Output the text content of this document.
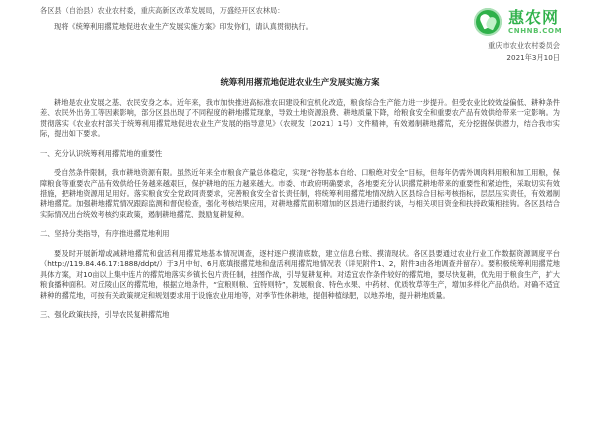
惠农网
CNHNB.COM

各区县（自治县）农业农村委，重庆高新区改革发展局，万盛经开区农林局：

现将《统筹利用撂荒地促进农业生产发展实施方案》印发你们，请认真贯彻执行。

重庆市农业农村委员会

2021年3月10日

统筹利用撂荒地促进农业生产发展实施方案

耕地是农业发展之基、农民安身之本。近年来，我市加快推进高标准农田建设和宜机化改造，粮食综合生产能力进一步提升。但受农业比较效益偏低、耕种条件差、农民外出务工等因素影响，部分区县出现了不同程度的耕地撂荒现象，导致土地资源浪费、耕地质量下降，给粮食安全和重要农产品有效供给带来一定影响。为贯彻落实《农业农村部关于统筹利用撂荒地促进农业生产发展的指导意见》（农规发〔2021〕1号）文件精神，有效遏制耕地撂荒，充分挖掘保供潜力，结合我市实际，提出如下要求。

一、充分认识统筹利用撂荒地的重要性

受自然条件限制，我市耕地资源有限。虽然近年来全市粮食产量总体稳定，实现“谷物基本自给、口粮绝对安全”目标，但每年仍需外调肉料用粮和加工用粮，保障粮食等重要农产品有效供给任务越来越艰巨，保护耕地的压力越来越大。市委、市政府明确要求，各地要充分认识撂荒耕地带来的重要性和紧迫性，采取切实有效措施，把耕地资源用足用好。落实粮食安全党政同责要求，完善粮食安全省长责任制，将统筹利用撂荒地情况纳入区县综合目标考核指标，层层压实责任，有效遏制耕地撂荒。加强耕地撂荒情况跟踪监测和督促检查，强化考核结果应用，对耕地撂荒面积增加的区县进行通报约谈，与相关项目资金和扶持政策相挂钩。各区县结合实际情况出台统效考核约束政策，遏制耕地撂荒、鼓励复耕复种。

二、坚持分类指导，有序推进撂荒地利用

要及时开展新增或减耕地撂荒和盘活利用撂荒地基本情况调查，逐村逐户摸清底数，建立信息台账、摸清现状。各区县要通过农业行业工作数据资源调度平台（http://119.84.46.17:1888/ddpt/）于3月中旬、6月底填报撂荒地和盘活利用撂荒地情况表（详见附件1、2，附件3由各地调查并留存）。要积极统筹利用撂荒地具体方案，对10亩以上集中连片的撂荒地落实乡镇长包片责任制，挂图作战，引导复耕复种。对适宜农作条件较好的撂荒地，要尽快复耕，优先用于粮食生产，扩大粮食播种面积。对丘陵山区的撂荒地，根据立地条件，“宜粮则粮、宜特则特”，发展粮食、特色水果、中药材、优质牧草等生产，增加多样化产品供给。对确不适宜耕种的撂荒地，可按有关政策规定和规划要求用于设施农业用地等，对季节性休耕地，提倡种植绿肥，以地养地，提升耕地质量。

三、强化政策扶持，引导农民复耕撂荒地
